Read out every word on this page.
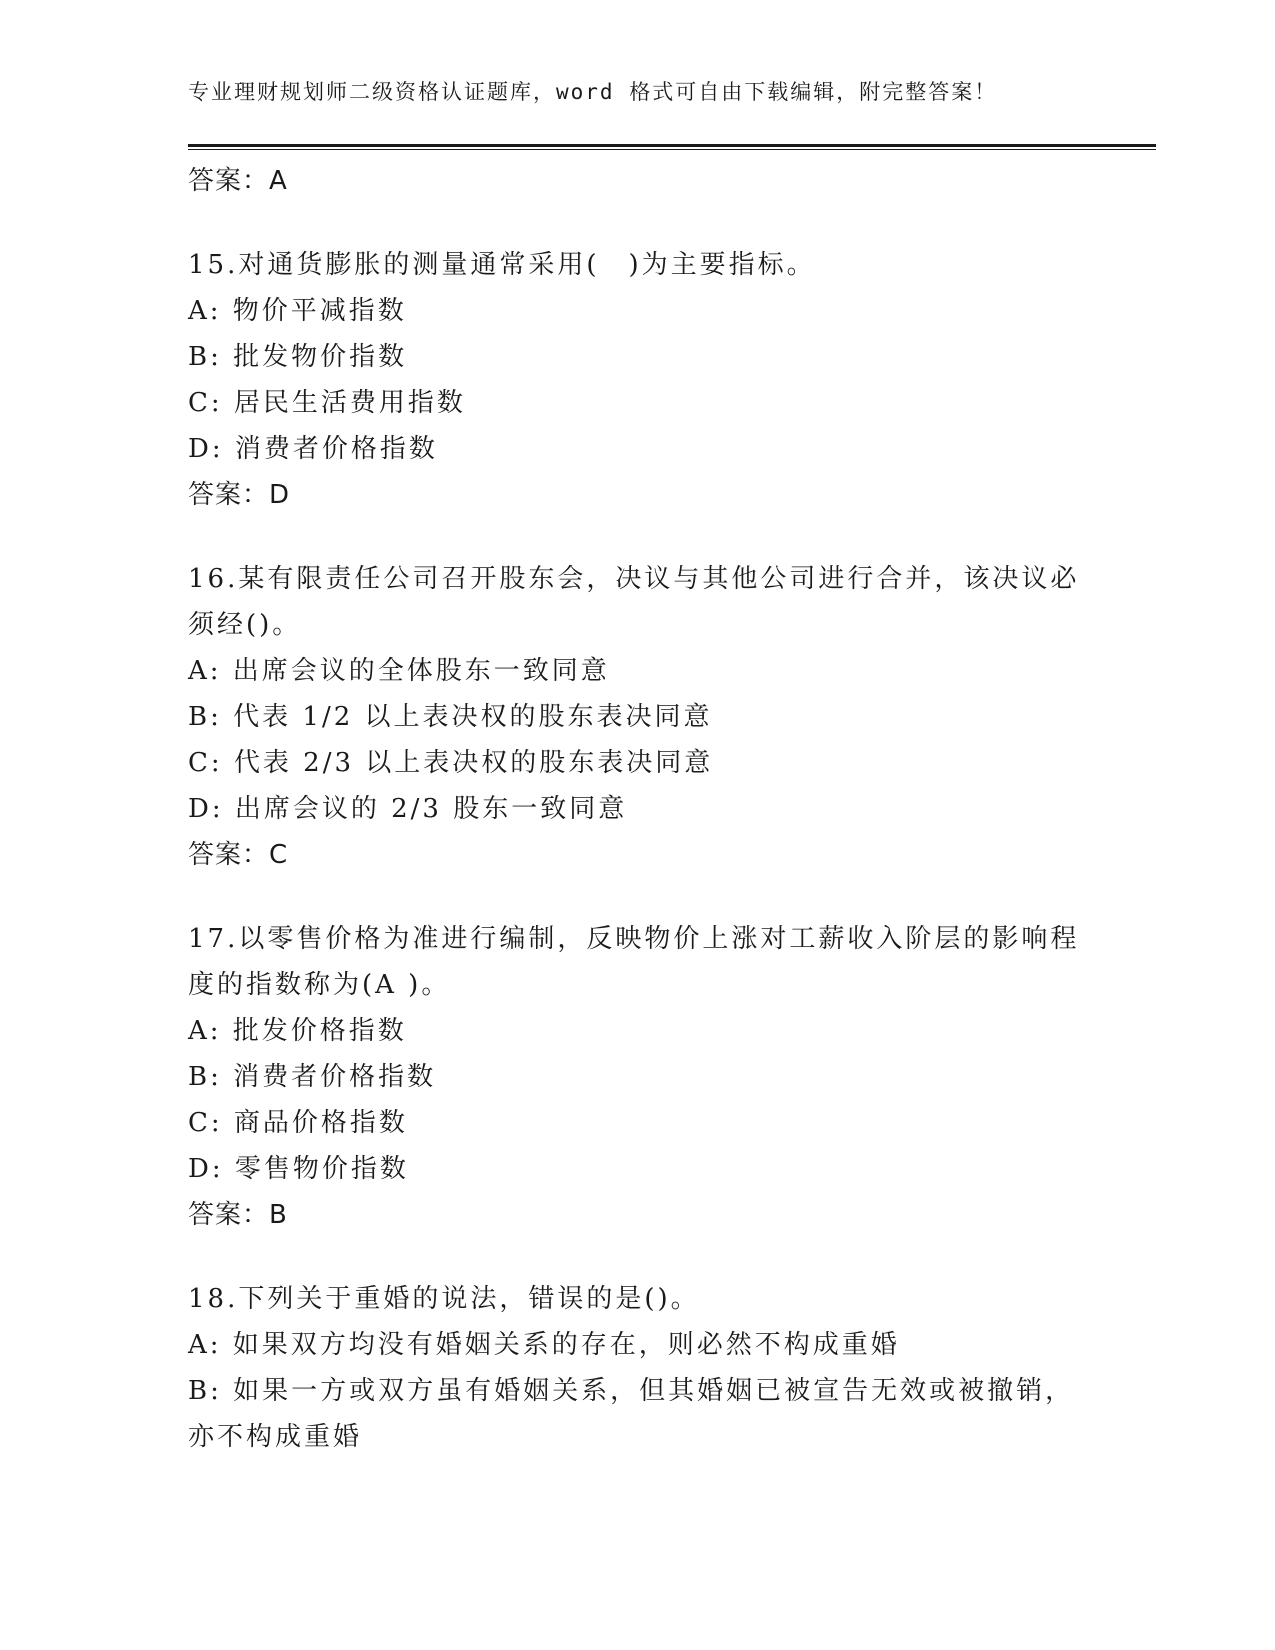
专业理财规划师二级资格认证题库，word 格式可自由下载编辑，附完整答案！
答案：A
15.对通货膨胀的测量通常采用(　)为主要指标。
A: 物价平减指数
B: 批发物价指数
C: 居民生活费用指数
D: 消费者价格指数
答案：D
16.某有限责任公司召开股东会，决议与其他公司进行合并，该决议必
须经()。
A: 出席会议的全体股东一致同意
B: 代表 1/2 以上表决权的股东表决同意
C: 代表 2/3 以上表决权的股东表决同意
D: 出席会议的 2/3 股东一致同意
答案：C
17.以零售价格为准进行编制，反映物价上涨对工薪收入阶层的影响程
度的指数称为(A )。
A: 批发价格指数
B: 消费者价格指数
C: 商品价格指数
D: 零售物价指数
答案：B
18.下列关于重婚的说法，错误的是()。
A: 如果双方均没有婚姻关系的存在，则必然不构成重婚
B: 如果一方或双方虽有婚姻关系，但其婚姻已被宣告无效或被撤销，
亦不构成重婚
